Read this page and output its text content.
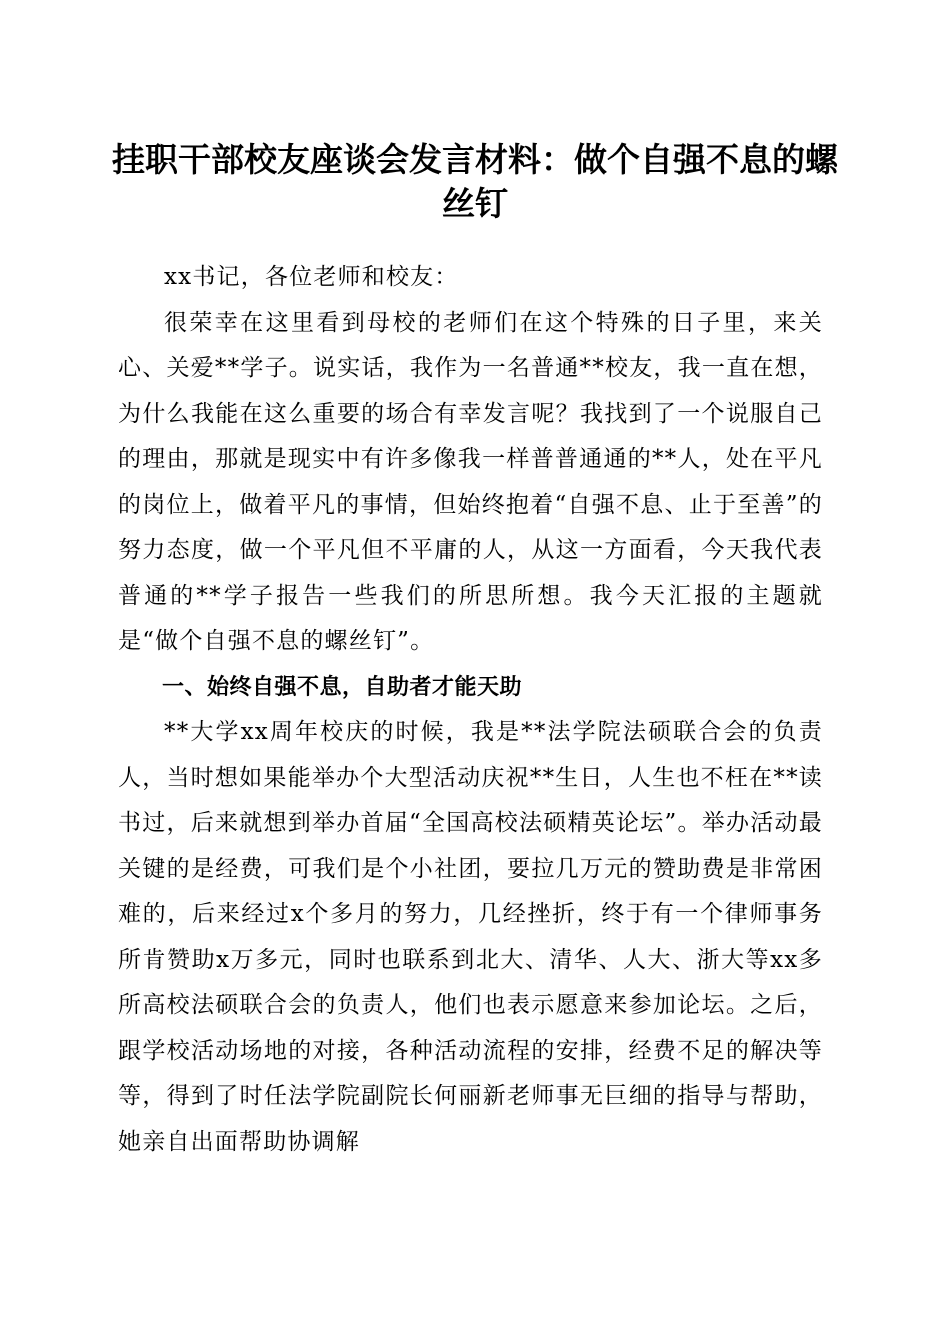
挂职干部校友座谈会发言材料：做个自强不息的螺丝钉

xx书记，各位老师和校友：

很荣幸在这里看到母校的老师们在这个特殊的日子里，来关心、关爱**学子。说实话，我作为一名普通**校友，我一直在想，为什么我能在这么重要的场合有幸发言呢？我找到了一个说服自己的理由，那就是现实中有许多像我一样普普通通的**人，处在平凡的岗位上，做着平凡的事情，但始终抱着“自强不息、止于至善”的努力态度，做一个平凡但不平庸的人，从这一方面看，今天我代表普通的**学子报告一些我们的所思所想。我今天汇报的主题就是“做个自强不息的螺丝钉”。

一、始终自强不息，自助者才能天助

**大学xx周年校庆的时候，我是**法学院法硕联合会的负责人，当时想如果能举办个大型活动庆祝**生日，人生也不枉在**读书过，后来就想到举办首届“全国高校法硕精英论坛”。举办活动最关键的是经费，可我们是个小社团，要拉几万元的赞助费是非常困难的，后来经过x个多月的努力，几经挫折，终于有一个律师事务所肯赞助x万多元，同时也联系到北大、清华、人大、浙大等xx多所高校法硕联合会的负责人，他们也表示愿意来参加论坛。之后，跟学校活动场地的对接，各种活动流程的安排，经费不足的解决等等，得到了时任法学院副院长何丽新老师事无巨细的指导与帮助，她亲自出面帮助协调解
